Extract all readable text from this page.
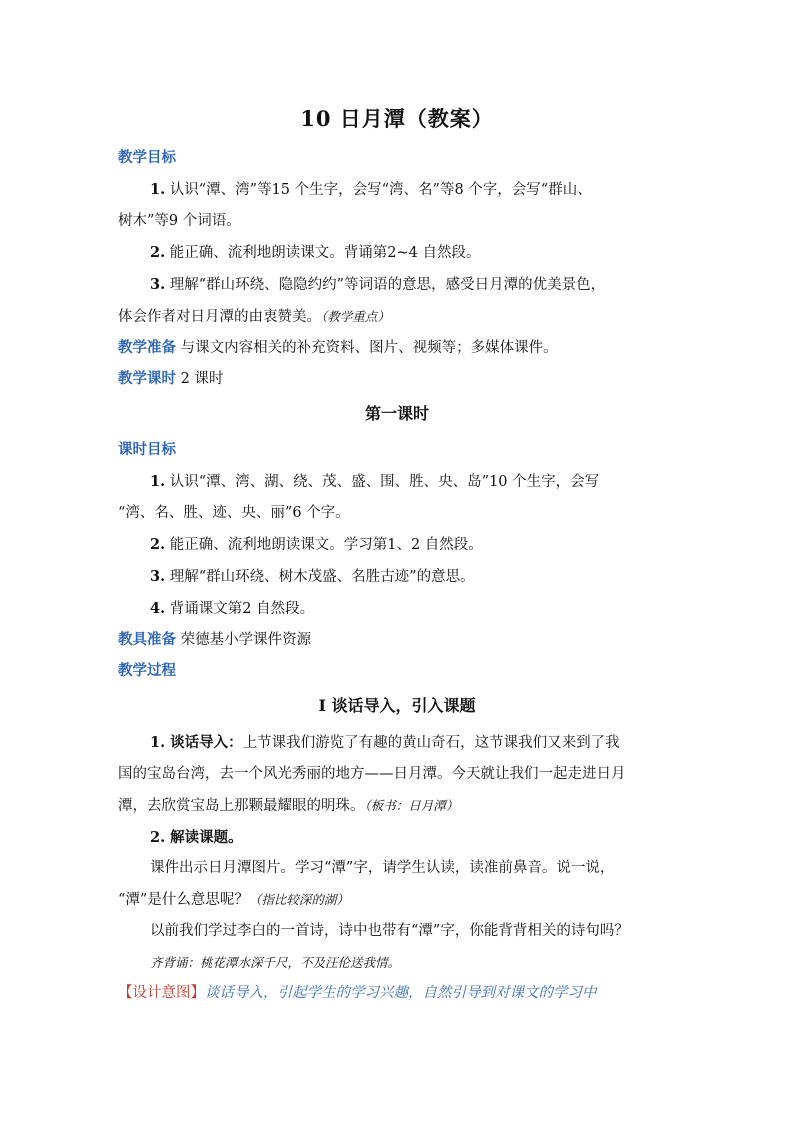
10 日月潭（教案）

教学目标

1. 认识“潭、湾”等15 个生字，会写“湾、名”等8 个字，会写“群山、

树木”等9 个词语。

2. 能正确、流利地朗读课文。背诵第2~4 自然段。

3. 理解“群山环绕、隐隐约约”等词语的意思，感受日月潭的优美景色，

体会作者对日月潭的由衷赞美。（教学重点）

教学准备 与课文内容相关的补充资料、图片、视频等；多媒体课件。

教学课时 2 课时

第一课时

课时目标

1. 认识“潭、湾、湖、绕、茂、盛、围、胜、央、岛”10 个生字，会写

“湾、名、胜、迹、央、丽”6 个字。

2. 能正确、流利地朗读课文。学习第1、2 自然段。

3. 理解“群山环绕、树木茂盛、名胜古迹”的意思。

4. 背诵课文第2 自然段。

教具准备 荣德基小学课件资源

教学过程

Ⅰ 谈话导入，引入课题

1. 谈话导入：上节课我们游览了有趣的黄山奇石，这节课我们又来到了我

国的宝岛台湾，去一个风光秀丽的地方——日月潭。今天就让我们一起走进日月

潭，去欣赏宝岛上那颗最耀眼的明珠。（板书：日月潭）

2. 解读课题。

课件出示日月潭图片。学习“潭”字，请学生认读，读准前鼻音。说一说，

“潭”是什么意思呢？（指比较深的湖）

以前我们学过李白的一首诗，诗中也带有“潭”字，你能背背相关的诗句吗？

齐背诵：桃花潭水深千尺，不及汪伦送我情。

【设计意图】谈话导入，引起学生的学习兴趣，自然引导到对课文的学习中
